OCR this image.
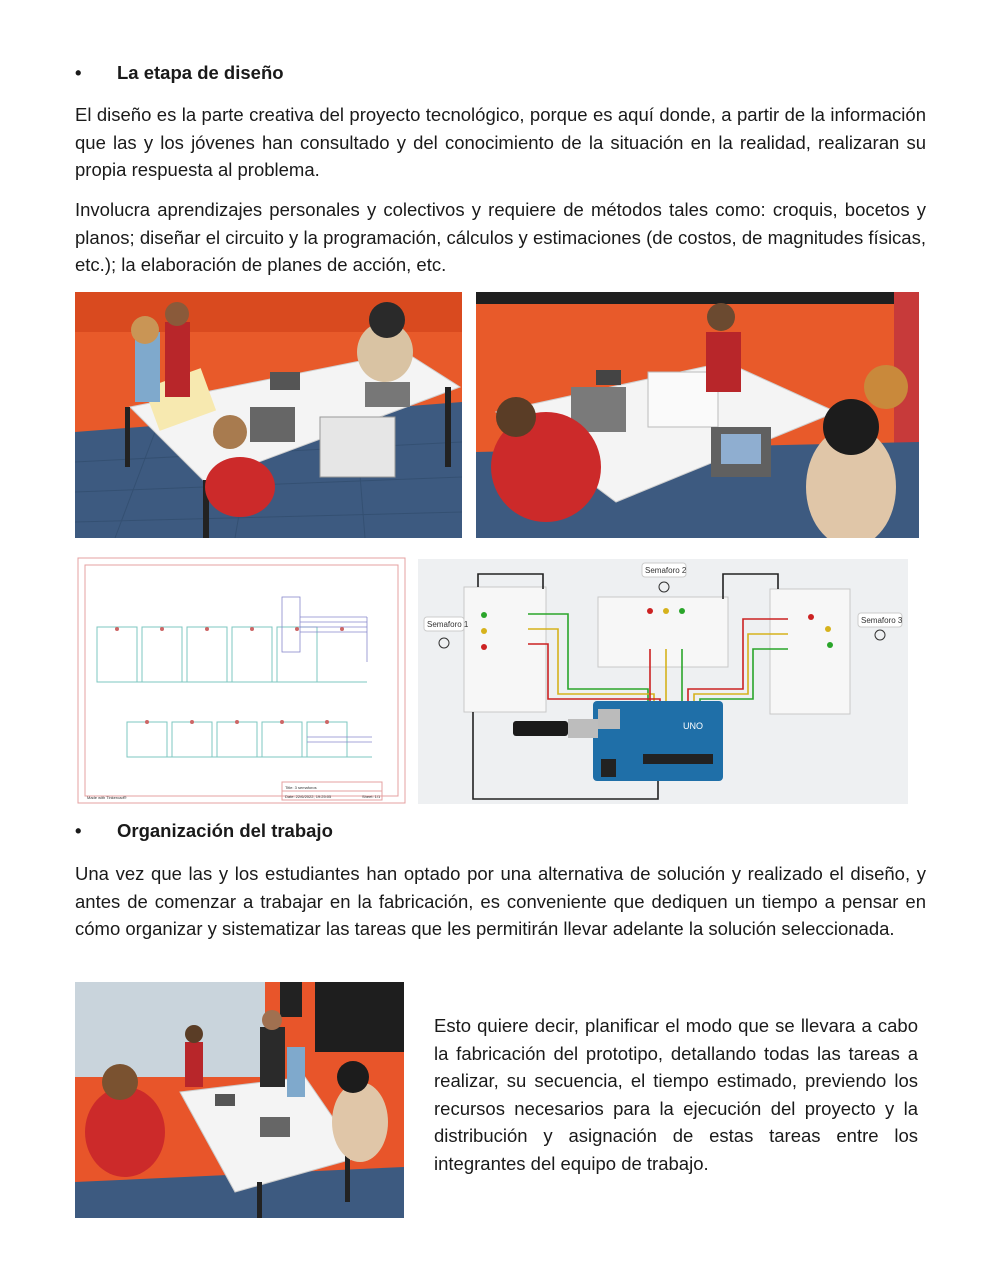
•	La etapa de diseño

El diseño es la parte creativa del proyecto tecnológico, porque es aquí donde, a partir de la información que las y los jóvenes han consultado y del conocimiento de la situación en la realidad, realizaran su propia respuesta al problema.

Involucra aprendizajes personales y colectivos y requiere de métodos tales como: croquis, bocetos y planos; diseñar el circuito y la programación, cálculos y estimaciones (de costos, de magnitudes físicas, etc.); la elaboración de planes de acción, etc.

Title: 3 semaforos
Date: 22/6/2022, 19:25:05	Sheet: 1/1
Made with Tinkercad®
UNO
Semaforo 1
Semaforo 2
Semaforo 3
•	Organización del trabajo

Una vez que las y los estudiantes han optado por una alternativa de solución y realizado el diseño, y antes de comenzar a trabajar en la fabricación, es conveniente que dediquen un tiempo a pensar en cómo organizar y sistematizar las tareas que les permitirán llevar adelante la solución seleccionada.

Esto quiere decir, planificar el modo que se llevara a cabo la fabricación del prototipo, detallando todas las tareas a realizar, su secuencia, el tiempo estimado, previendo los recursos necesarios para la ejecución del proyecto y la distribución y asignación de estas tareas entre los integrantes del equipo de trabajo.
